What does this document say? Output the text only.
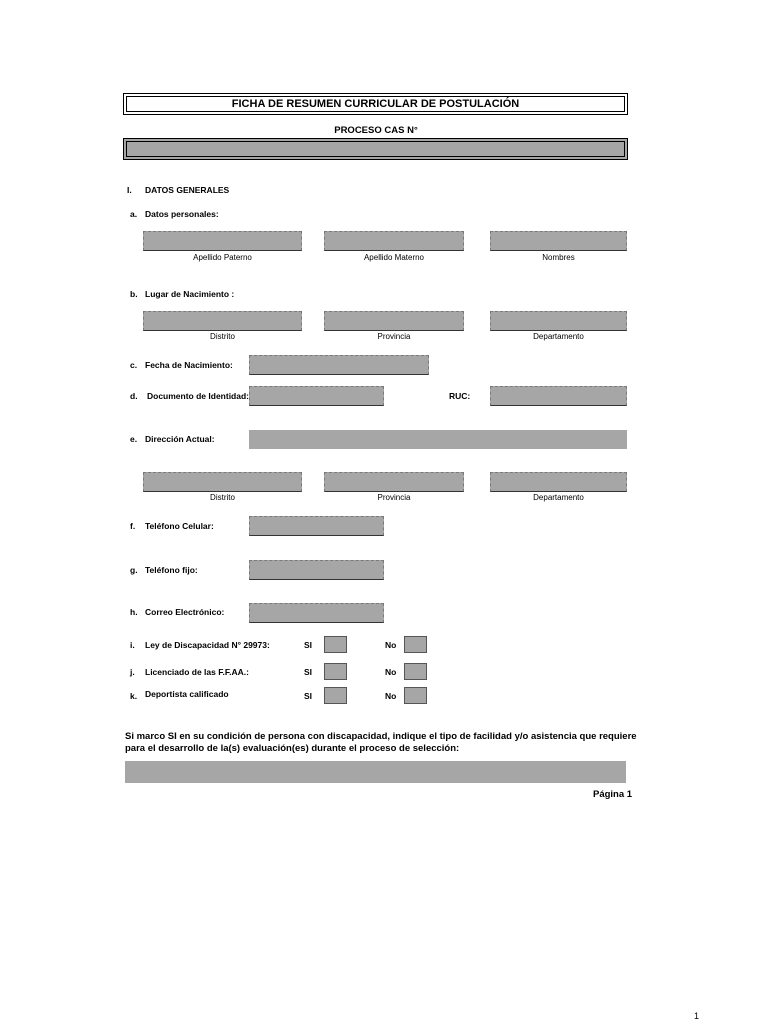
FICHA DE RESUMEN CURRICULAR DE POSTULACIÓN
PROCESO CAS N°
I. DATOS GENERALES
a. Datos personales:
Apellido Paterno	Apellido Materno	Nombres
b. Lugar de Nacimiento :
Distrito	Provincia	Departamento
c. Fecha de Nacimiento:
d. Documento de Identidad:	RUC:
e. Dirección Actual:
Distrito	Provincia	Departamento
f. Teléfono Celular:
g. Teléfono fijo:
h. Correo Electrónico:
i. Ley de Discapacidad N° 29973:	SI	No
j. Licenciado de las F.F.AA.:	SI	No
k. Deportista calificado	SI	No
Si marco SI en su condición de persona con discapacidad, indique el tipo de facilidad y/o asistencia que requiere
para el desarrollo de la(s) evaluación(es) durante el proceso de selección:
Página 1
1
